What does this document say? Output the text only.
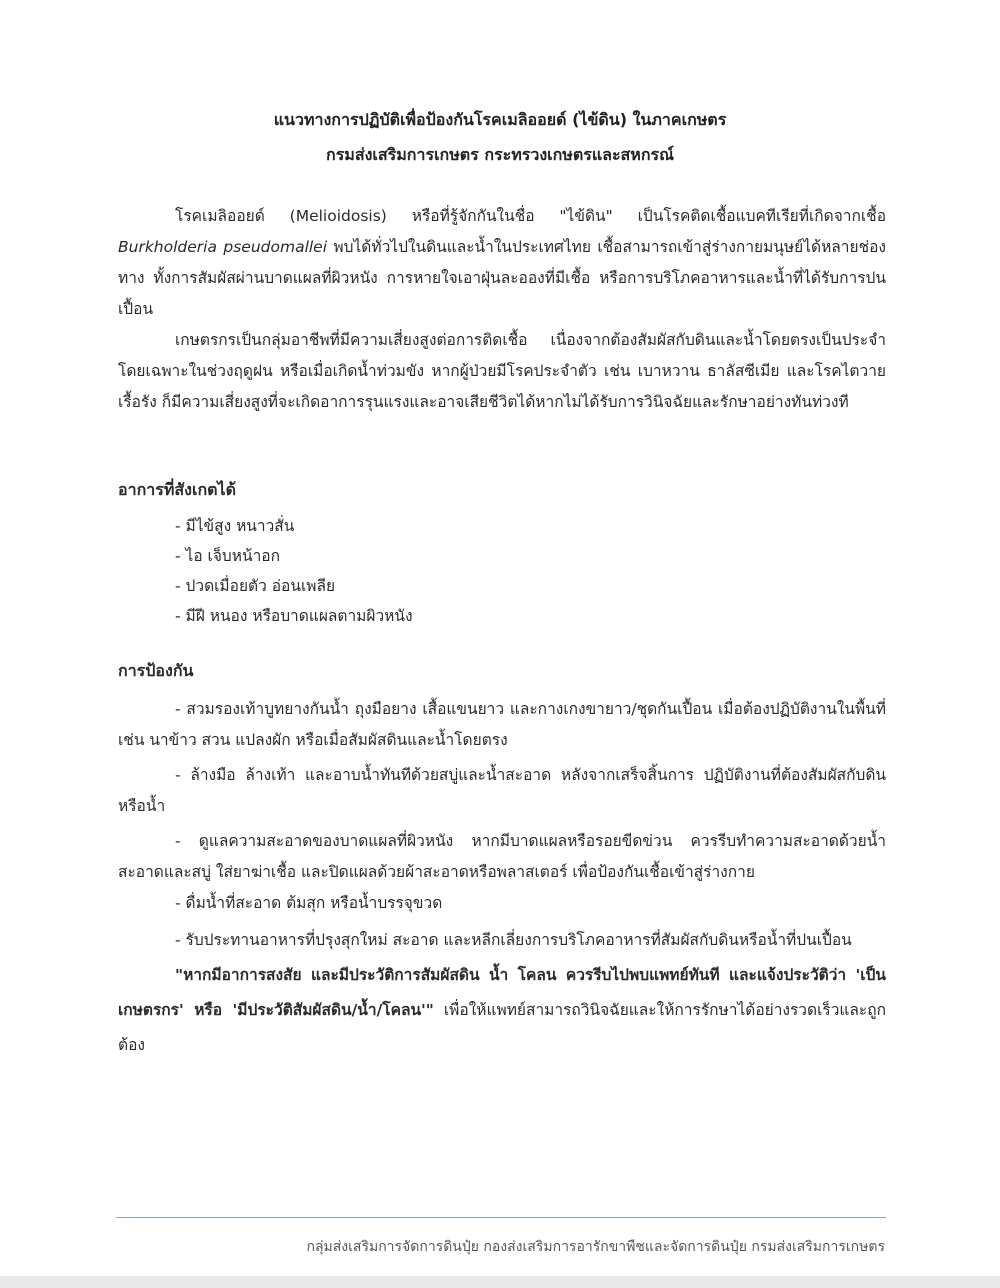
แนวทางการปฏิบัติเพื่อป้องกันโรคเมลิออยด์ (ไข้ดิน) ในภาคเกษตร
กรมส่งเสริมการเกษตร กระทรวงเกษตรและสหกรณ์

โรคเมลิออยด์ (Melioidosis) หรือที่รู้จักกันในชื่อ "ไข้ดิน" เป็นโรคติดเชื้อแบคทีเรียที่เกิดจากเชื้อ Burkholderia pseudomallei พบได้ทั่วไปในดินและน้ำในประเทศไทย เชื้อสามารถเข้าสู่ร่างกายมนุษย์ได้หลายช่องทาง ทั้งการสัมผัสผ่านบาดแผลที่ผิวหนัง การหายใจเอาฝุ่นละอองที่มีเชื้อ หรือการบริโภคอาหารและน้ำที่ได้รับการปนเปื้อน

เกษตรกรเป็นกลุ่มอาชีพที่มีความเสี่ยงสูงต่อการติดเชื้อ เนื่องจากต้องสัมผัสกับดินและน้ำโดยตรงเป็นประจำ โดยเฉพาะในช่วงฤดูฝน หรือเมื่อเกิดน้ำท่วมขัง หากผู้ป่วยมีโรคประจำตัว เช่น เบาหวาน ธาลัสซีเมีย และโรคไตวายเรื้อรัง ก็มีความเสี่ยงสูงที่จะเกิดอาการรุนแรงและอาจเสียชีวิตได้หากไม่ได้รับการวินิจฉัยและรักษาอย่างทันท่วงที

อาการที่สังเกตได้

- มีไข้สูง หนาวสั่น
- ไอ เจ็บหน้าอก
- ปวดเมื่อยตัว อ่อนเพลีย
- มีฝี หนอง หรือบาดแผลตามผิวหนัง

การป้องกัน

- สวมรองเท้าบูทยางกันน้ำ ถุงมือยาง เสื้อแขนยาว และกางเกงขายาว/ชุดกันเปื้อน เมื่อต้องปฏิบัติงานในพื้นที่ เช่น นาข้าว สวน แปลงผัก หรือเมื่อสัมผัสดินและน้ำโดยตรง

- ล้างมือ ล้างเท้า และอาบน้ำทันทีด้วยสบู่และน้ำสะอาด หลังจากเสร็จสิ้นการ ปฏิบัติงานที่ต้องสัมผัสกับดินหรือน้ำ

- ดูแลความสะอาดของบาดแผลที่ผิวหนัง หากมีบาดแผลหรือรอยขีดข่วน ควรรีบทำความสะอาดด้วยน้ำสะอาดและสบู่ ใส่ยาฆ่าเชื้อ และปิดแผลด้วยผ้าสะอาดหรือพลาสเตอร์ เพื่อป้องกันเชื้อเข้าสู่ร่างกาย

- ดื่มน้ำที่สะอาด ต้มสุก หรือน้ำบรรจุขวด

- รับประทานอาหารที่ปรุงสุกใหม่ สะอาด และหลีกเลี่ยงการบริโภคอาหารที่สัมผัสกับดินหรือน้ำที่ปนเปื้อน

"หากมีอาการสงสัย และมีประวัติการสัมผัสดิน น้ำ โคลน ควรรีบไปพบแพทย์ทันที และแจ้งประวัติว่า 'เป็นเกษตรกร' หรือ 'มีประวัติสัมผัสดิน/น้ำ/โคลน'" เพื่อให้แพทย์สามารถวินิจฉัยและให้การรักษาได้อย่างรวดเร็วและถูกต้อง

กลุ่มส่งเสริมการจัดการดินปุ๋ย กองส่งเสริมการอารักขาพืชและจัดการดินปุ๋ย กรมส่งเสริมการเกษตร
